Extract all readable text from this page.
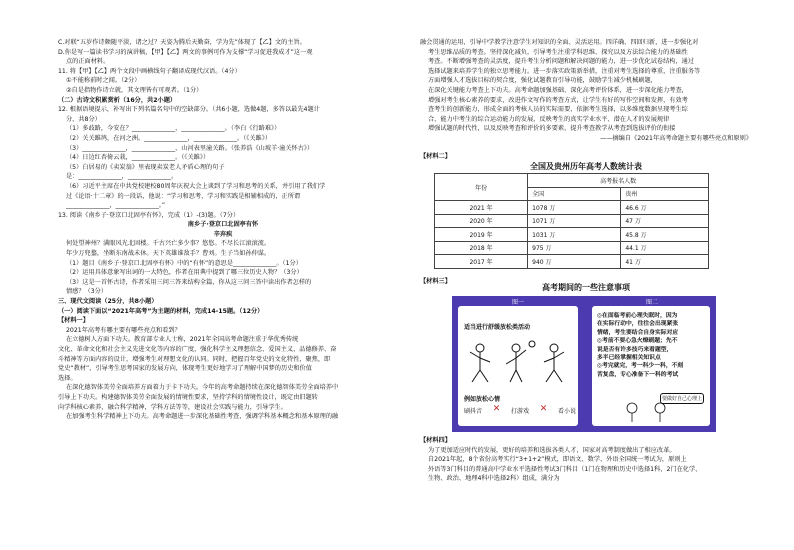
C.对联“五岁作诗颇随平淡，诸之过？天姿为腾后天勤奋，学为先”体现了【乙】文的主旨。
D.你是写一篇读书学习的演讲稿，【甲】【乙】两文的事例可作为支撑“学习促进我成才”这一观
点的正面材料。
11. 将【甲】【乙】两个文段中画横线句子翻译成现代汉语。（4分）
①不能称前时之闻。（2分）
②自是指物作诗立就，其文理皆有可观者。（1分）
（二）古诗文积累赏析（16分，共2小题）
12. 根据语境提示，补写出下列名篇名句中的空缺部分。（共6小题，选做4题，多答以最先4题计
分，共8分）
（1）多歧路，今安在？______________，______________。（李白《行路难》）
（2）关关雎鸠，在河之洲。______________，______________。（《关雎》）
（3）______________，______________，山河表里潼关路。（张养浩《山坡羊·潼关怀古》）
（4）日边红杏倚云栽，______________。（《关雎》）
（5）白居易的《卖炭翁》里表现卖炭老人矛盾心理的句子
是：______________，______________。
（6）习近平主席在中共党校建校80周年庆祝大会上谈到了学习和思考的关系，并引用了我们学
过《论语·十二章》的一段话，他说：“学习和思考，学习和实践是相辅相成的，正所谓
______________，______________。”
13. 阅读《南乡子·登京口北固亭有怀》，完成（1）-(3)题。（7分）
南乡子·登京口北固亭有怀
辛弃疾
何处望神州？满眼风光北固楼。千古兴亡多少事？悠悠。不尽长江滚滚流。
年少万兜鍪，坐断东南战未休。天下英雄谁敌手？曹刘。生子当如孙仲谋。
（1）题目《南乡子·登京口北固亭有怀》中的“有怀”的意思是______________。（1分）
（2）运用具体意象写出词的一大特色，作者在用典中提到了哪三位历史人物？（3分）
（3）这是一首怀古诗，作者采用三问三答来结构全篇，你从这三问三答中读出作者怎样的
情感？（3分）
三、现代文阅读（25分，共8小题）
（一）阅读下面以“2021年高考”为主题的材料，完成14-15题。（12分）
【材料一】
2021年高考有哪主要有哪些亮点和看到？
在立德树人方面下功夫。教育部专业人士称，2021年全国高考命题注重于华优秀传统
文化、革命文化和社会主义先进文化等内容的广度，强化科学主义理想信念、爱国主义、品德修养、奋
斗精神等方面内容的设计，增强考生对理想文化的认同。同时，把握百年党史的文化特性，聚焦，即
党史“教材”，引导考生思考国家的发展方向，体现考生更好地学习了理解中国梦的历史和价值
选择。
在深化德智体美劳全面培养方面着力于卡下功夫。今年的高考命题持续在深化德智体美劳全面培养中
引导上下功夫。构建德智体美劳全面发展的情境性要求，坚持学科的情境性设计，既定由旧题转
向学科核心素养，融合科学精神，学科方法等等，建设社会实践与能力，引导学生。
在加强考生科学精神上下功夫。高考命题进一步深化基础性考查，强调学科基本概念和基本原理的融
融会贯通的运用，引导中学教学注意学生对知识的全面、灵活运用。四详确、四回归新，进一步强化对
考生思维品质的考查。坚持深化减负，引导考生注重学科思维、探究以及方法综合能力的基础性
考查。不断增强考查的灵活度，提升考生分析问题和解决问题的能力，进一步优化试卷结构，通过
选择试题来培养学生的独立思考能力。进一步落实政策新举措，注重对考生选择的尊重，注重服务等
方面增强人才选拔目标的契合度，强化试题教育引导功能，鼓励学生减少机械刷题，
在深化关键能力考查上下功夫。高考命题加强基础、深化高考评价体系，进一步深化能力考查，
增强对考生核心素养的要求，改进作文写作的考查方式，让学生有好的写作空间和发挥，有效考
查考生的创新能力，形成全面的考核人员的实际需要、依据考生选择，以多维度数据呈现考生综
合、能力中考生的综合运动能力的发展，反映考生的真实学业水平、潜在人才的发展规律
增强试题的时代性，以及反映考查和评价的多要素，提升考查教学从考查到选拔评价的衔接
——摘编自《2021年高考命题主要有哪些亮点和原则》
【材料二】
全国及贵州历年高考人数统计表
年份	高考报名人数	
	全国	贵州
2021 年	1078 万	46.6 万
2020 年	1071 万	47 万
2019 年	1031 万	45.8 万
2018 年	975 万	44.1 万
2017 年	940 万	41 万
【材料三】
高考期间的一些注意事项
图一	图二
适当进行舒缓放松类活动
例如放松心情
刷抖音 ✕ 打游戏 ✕ 看小说
◎在面临考前心理失眠时，因为
在实际行动中，往往会出现紧张
情绪，考生要结合自身实际对应
◎考前不要心急火燎刷题；先不
说是否有许多技巧来看题型，
多半已经掌握相关知识点
◎考完就完，考一科少一科，不刻
苦复盘，专心准备下一科的考试
要做好自己心理上
【材料四】
为了更加适应时代的发展，更好的培养和选拔各类人才，国家对高考制度做出了相应改革。
自2021年起，8个省份高考实行“3+1+2”模式，即语文、数学、外语全国统一考试为，原则上
外语等3门科目的普通高中学业水平选择性考试3门科目（1门在物理和历史中选择1科，2门在化学、
生物、政治、地理4科中选择2科）组成，满分为
